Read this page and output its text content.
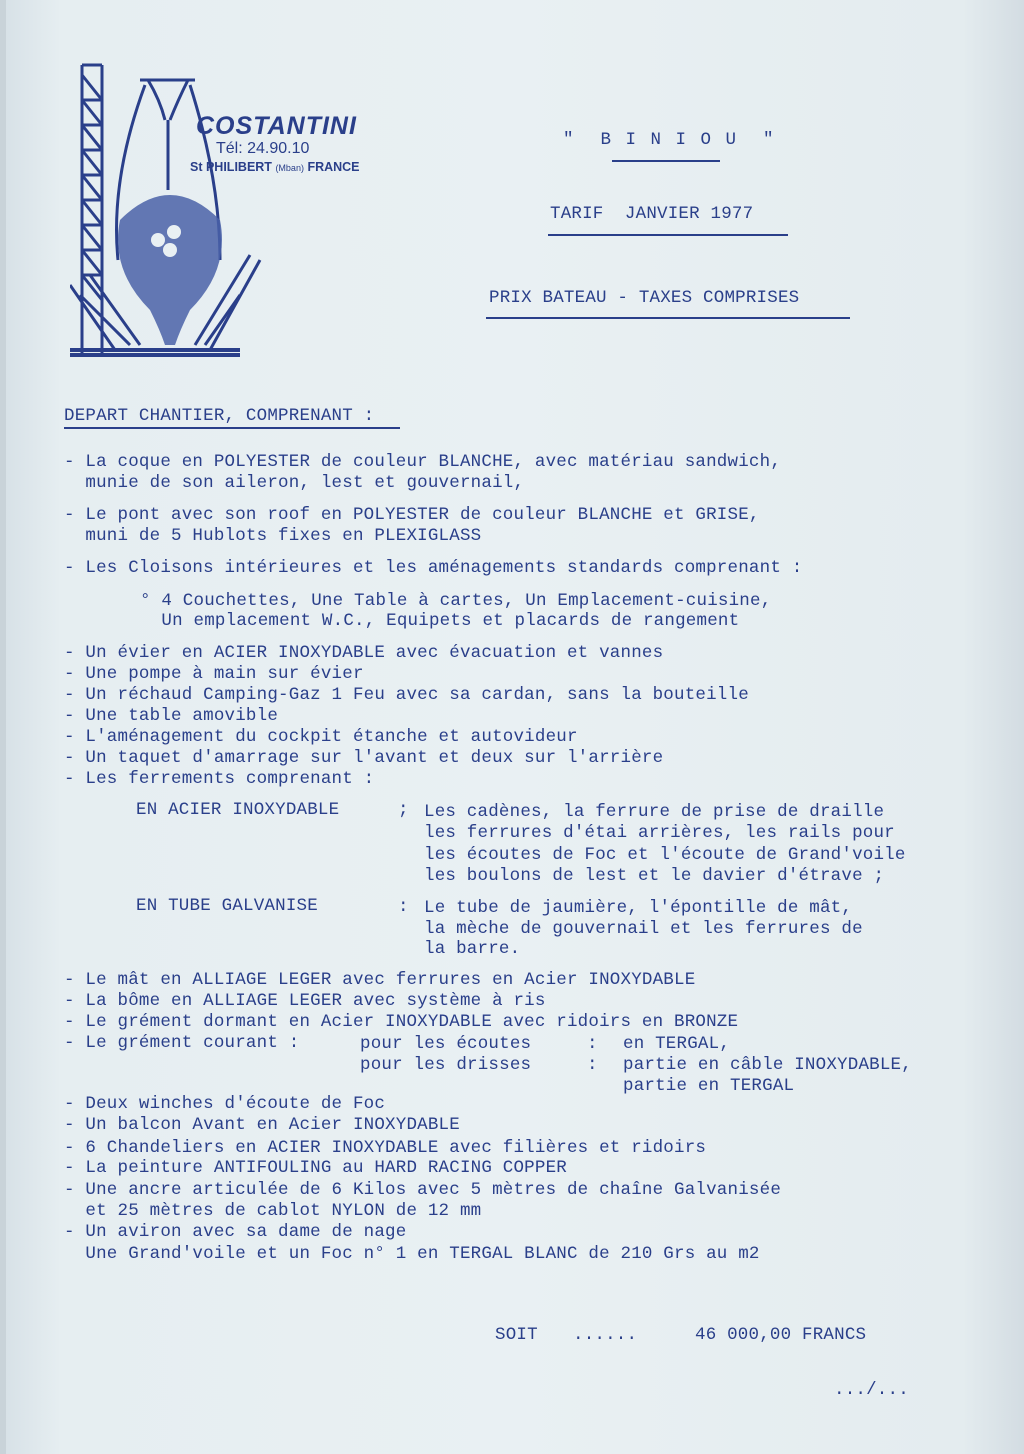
COSTANTINI
Tél: 24.90.10
St PHILIBERT (Mban) FRANCE
"  B I N I O U  "
TARIF  JANVIER 1977
PRIX BATEAU - TAXES COMPRISES
DEPART CHANTIER, COMPRENANT :
- La coque en POLYESTER de couleur BLANCHE, avec matériau sandwich,
munie de son aileron, lest et gouvernail,
- Le pont avec son roof en POLYESTER de couleur BLANCHE et GRISE,
muni de 5 Hublots fixes en PLEXIGLASS
- Les Cloisons intérieures et les aménagements standards comprenant :
° 4 Couchettes, Une Table à cartes, Un Emplacement-cuisine,
Un emplacement W.C., Equipets et placards de rangement
- Un évier en ACIER INOXYDABLE avec évacuation et vannes
- Une pompe à main sur évier
- Un réchaud Camping-Gaz 1 Feu avec sa cardan, sans la bouteille
- Une table amovible
- L'aménagement du cockpit étanche et autovideur
- Un taquet d'amarrage sur l'avant et deux sur l'arrière
- Les ferrements comprenant :
EN ACIER INOXYDABLE	; Les cadènes, la ferrure de prise de draille
les ferrures d'étai arrières, les rails pour
les écoutes de Foc et l'écoute de Grand'voile
les boulons de lest et le davier d'étrave ;
EN TUBE GALVANISE	: Le tube de jaumière, l'épontille de mât,
la mèche de gouvernail et les ferrures de
la barre.
- Le mât en ALLIAGE LEGER avec ferrures en Acier INOXYDABLE
- La bôme en ALLIAGE LEGER avec système à ris
- Le grément dormant en Acier INOXYDABLE avec ridoirs en BRONZE
- Le grément courant :	pour les écoutes	: en TERGAL,
pour les drisses	: partie en câble INOXYDABLE,
partie en TERGAL
- Deux winches d'écoute de Foc
- Un balcon Avant en Acier INOXYDABLE
- 6 Chandeliers en ACIER INOXYDABLE avec filières et ridoirs
- La peinture ANTIFOULING au HARD RACING COPPER
- Une ancre articulée de 6 Kilos avec 5 mètres de chaîne Galvanisée
et 25 mètres de cablot NYLON de 12 mm
- Un aviron avec sa dame de nage
Une Grand'voile et un Foc n° 1 en TERGAL BLANC de 210 Grs au m2
SOIT ......	46 000,00 FRANCS
.../...
